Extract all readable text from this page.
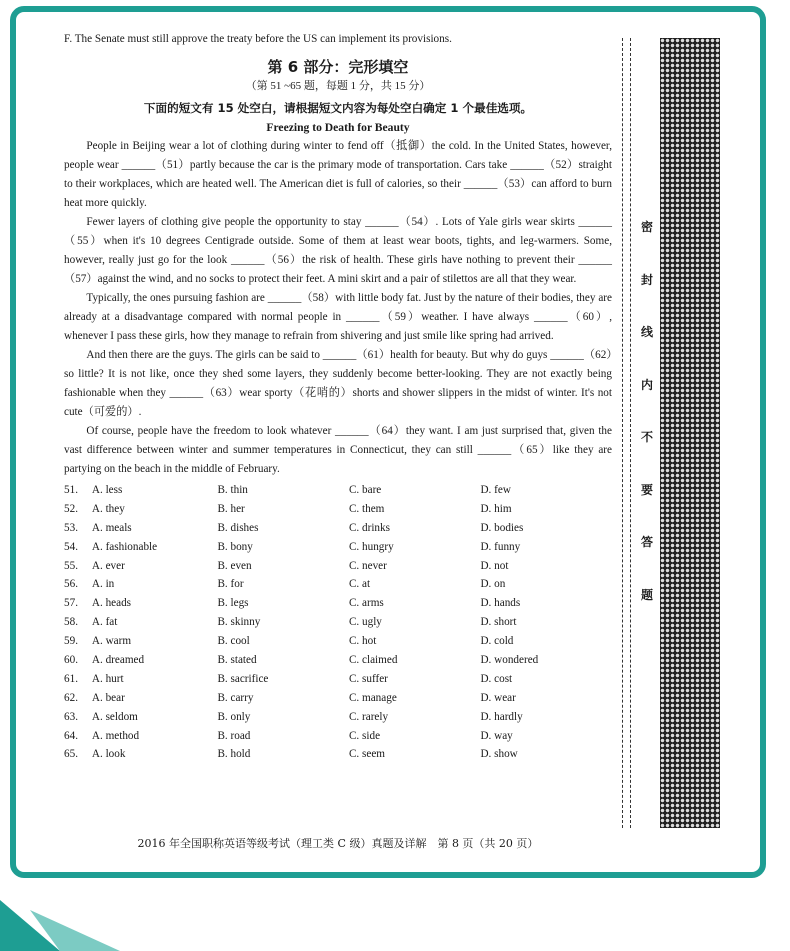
F. The Senate must still approve the treaty before the US can implement its provisions.

第 6 部分：完形填空
（第 51 ~65 题，每题 1 分，共 15 分）
下面的短文有 15 处空白，请根据短文内容为每处空白确定 1 个最佳选项。
Freezing to Death for Beauty

People in Beijing wear a lot of clothing during winter to fend off（抵御）the cold. In the United States, however, people wear ______（51）partly because the car is the primary mode of transportation. Cars take ______（52）straight to their workplaces, which are heated well. The American diet is full of calories, so their ______（53）can afford to burn heat more quickly.

Fewer layers of clothing give people the opportunity to stay ______（54）. Lots of Yale girls wear skirts ______（55）when it's 10 degrees Centigrade outside. Some of them at least wear boots, tights, and leg-warmers. Some, however, really just go for the look ______（56）the risk of health. These girls have nothing to prevent their ______（57）against the wind, and no socks to protect their feet. A mini skirt and a pair of stilettos are all that they wear.

Typically, the ones pursuing fashion are ______（58）with little body fat. Just by the nature of their bodies, they are already at a disadvantage compared with normal people in ______（59）weather. I have always ______（60）, whenever I pass these girls, how they manage to refrain from shivering and just smile like spring had arrived.

And then there are the guys. The girls can be said to ______（61）health for beauty. But why do guys ______（62）so little? It is not like, once they shed some layers, they suddenly become better-looking. They are not exactly being fashionable when they ______（63）wear sporty（花哨的）shorts and shower slippers in the midst of winter. It's not cute（可爱的）.

Of course, people have the freedom to look whatever ______（64）they want. I am just surprised that, given the vast difference between winter and summer temperatures in Connecticut, they can still ______（65）like they are partying on the beach in the middle of February.

51.	A. less	B. thin	C. bare	D. few
52.	A. they	B. her	C. them	D. him
53.	A. meals	B. dishes	C. drinks	D. bodies
54.	A. fashionable	B. bony	C. hungry	D. funny
55.	A. ever	B. even	C. never	D. not
56.	A. in	B. for	C. at	D. on
57.	A. heads	B. legs	C. arms	D. hands
58.	A. fat	B. skinny	C. ugly	D. short
59.	A. warm	B. cool	C. hot	D. cold
60.	A. dreamed	B. stated	C. claimed	D. wondered
61.	A. hurt	B. sacrifice	C. suffer	D. cost
62.	A. bear	B. carry	C. manage	D. wear
63.	A. seldom	B. only	C. rarely	D. hardly
64.	A. method	B. road	C. side	D. way
65.	A. look	B. hold	C. seem	D. show
密
封
线
内
不
要
答
题
2016 年全国职称英语等级考试（理工类 C 级）真题及详解　第 8 页（共 20 页）
